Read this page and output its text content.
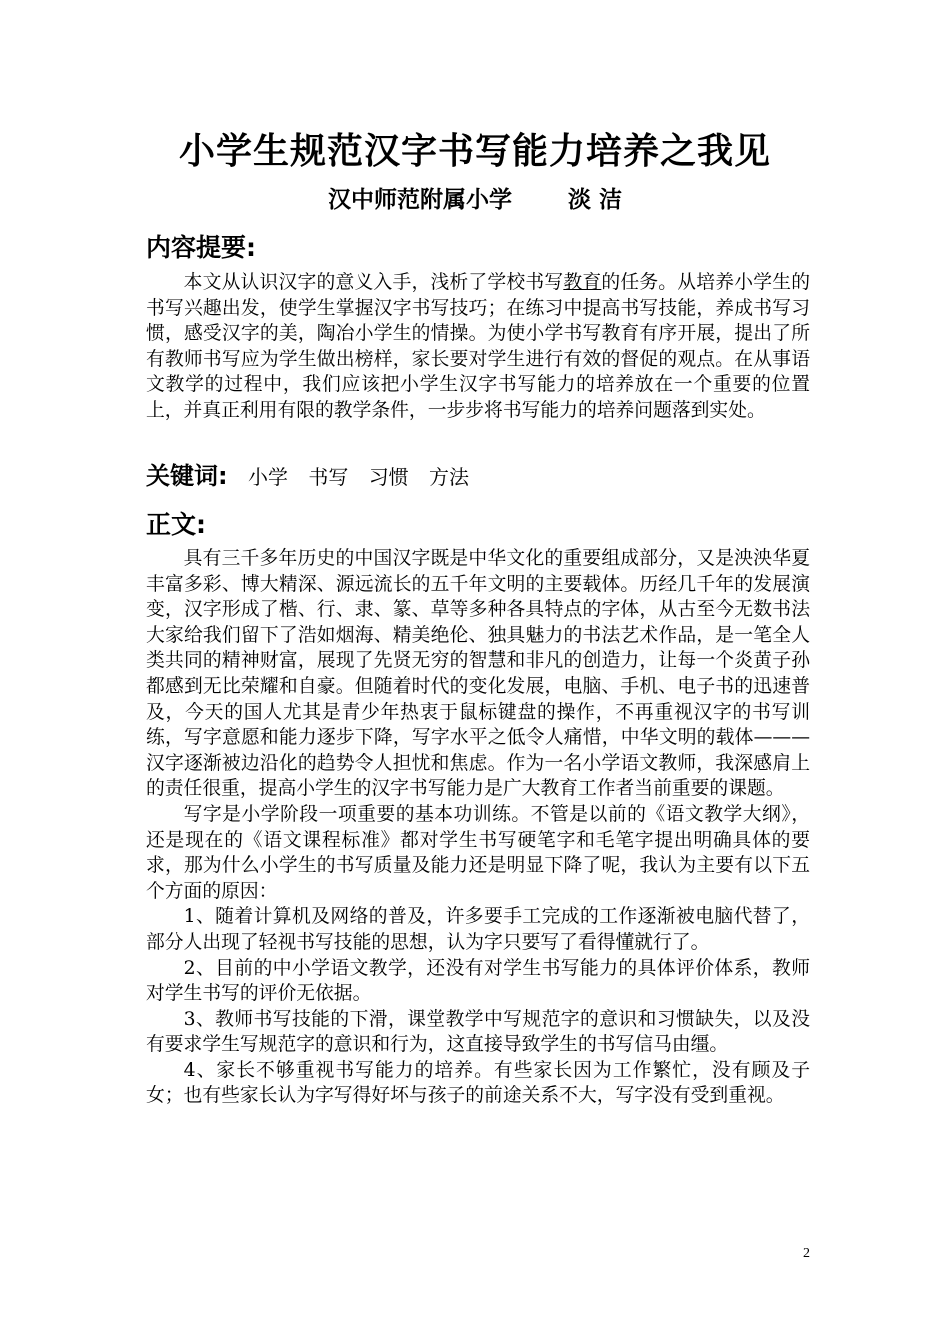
小学生规范汉字书写能力培养之我见
汉中师范附属小学 淡 洁
内容提要:

本文从认识汉字的意义入手，浅析了学校书写教育的任务。从培养小学生的书写兴趣出发，使学生掌握汉字书写技巧；在练习中提高书写技能，养成书写习惯，感受汉字的美，陶冶小学生的情操。为使小学书写教育有序开展，提出了所有教师书写应为学生做出榜样，家长要对学生进行有效的督促的观点。在从事语文教学的过程中，我们应该把小学生汉字书写能力的培养放在一个重要的位置上，并真正利用有限的教学条件，一步步将书写能力的培养问题落到实处。

关键词: 小学 书写 习惯 方法
正文:

具有三千多年历史的中国汉字既是中华文化的重要组成部分，又是泱泱华夏丰富多彩、博大精深、源远流长的五千年文明的主要载体。历经几千年的发展演变，汉字形成了楷、行、隶、篆、草等多种各具特点的字体，从古至今无数书法大家给我们留下了浩如烟海、精美绝伦、独具魅力的书法艺术作品，是一笔全人类共同的精神财富，展现了先贤无穷的智慧和非凡的创造力，让每一个炎黄子孙都感到无比荣耀和自豪。但随着时代的变化发展，电脑、手机、电子书的迅速普及，今天的国人尤其是青少年热衷于鼠标键盘的操作，不再重视汉字的书写训练，写字意愿和能力逐步下降，写字水平之低令人痛惜，中华文明的载体———汉字逐渐被边沿化的趋势令人担忧和焦虑。作为一名小学语文教师，我深感肩上的责任很重，提高小学生的汉字书写能力是广大教育工作者当前重要的课题。

写字是小学阶段一项重要的基本功训练。不管是以前的《语文教学大纲》，还是现在的《语文课程标准》都对学生书写硬笔字和毛笔字提出明确具体的要求，那为什么小学生的书写质量及能力还是明显下降了呢，我认为主要有以下五个方面的原因：

1、随着计算机及网络的普及，许多要手工完成的工作逐渐被电脑代替了，部分人出现了轻视书写技能的思想，认为字只要写了看得懂就行了。

2、目前的中小学语文教学，还没有对学生书写能力的具体评价体系，教师对学生书写的评价无依据。

3、教师书写技能的下滑，课堂教学中写规范字的意识和习惯缺失，以及没有要求学生写规范字的意识和行为，这直接导致学生的书写信马由缰。

4、家长不够重视书写能力的培养。有些家长因为工作繁忙，没有顾及子女；也有些家长认为字写得好坏与孩子的前途关系不大，写字没有受到重视。

2
